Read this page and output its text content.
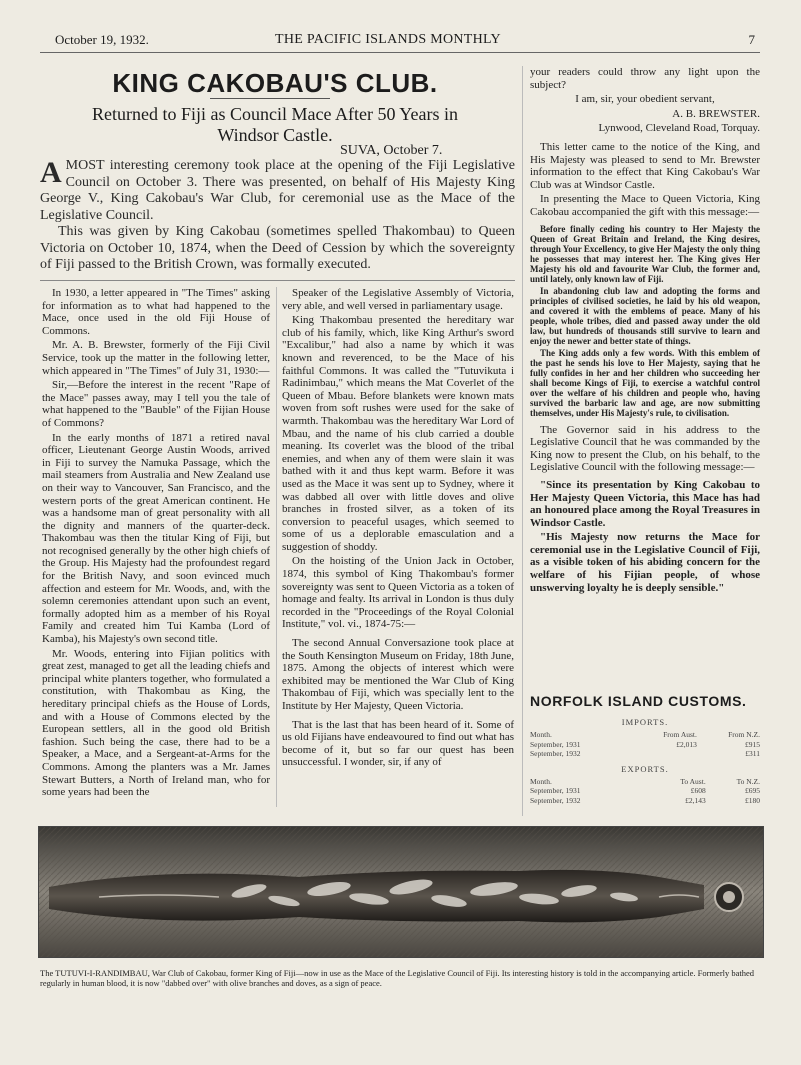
October 19, 1932.	THE PACIFIC ISLANDS MONTHLY	7
KING CAKOBAU'S CLUB.
Returned to Fiji as Council Mace After 50 Years in Windsor Castle.
SUVA, October 7.

AMOST interesting ceremony took place at the opening of the Fiji Legislative Council on October 3. There was presented, on behalf of His Majesty King George V., King Cakobau's War Club, for ceremonial use as the Mace of the Legislative Council.

This was given by King Cakobau (sometimes spelled Thakombau) to Queen Victoria on October 10, 1874, when the Deed of Cession by which the sovereignty of Fiji passed to the British Crown, was formally executed.

In 1930, a letter appeared in "The Times" asking for information as to what had happened to the Mace, once used in the old Fiji House of Commons.

Mr. A. B. Brewster, formerly of the Fiji Civil Service, took up the matter in the following letter, which appeared in "The Times" of July 31, 1930:—

Sir,—Before the interest in the recent "Rape of the Mace" passes away, may I tell you the tale of what happened to the "Bauble" of the Fijian House of Commons?

In the early months of 1871 a retired naval officer, Lieutenant George Austin Woods, arrived in Fiji to survey the Namuka Passage, which the mail steamers from Australia and New Zealand use on their way to Vancouver, San Francisco, and the western ports of the great American continent. He was a handsome man of great personality with all the dignity and manners of the quarter-deck. Thakombau was then the titular King of Fiji, but not recognised generally by the other high chiefs of the Group. His Majesty had the profoundest regard for the British Navy, and soon evinced much affection and esteem for Mr. Woods, and, with the solemn ceremonies attendant upon such an event, formally adopted him as a member of his Royal Family and created him Tui Kamba (Lord of Kamba), his Majesty's own second title.

Mr. Woods, entering into Fijian politics with great zest, managed to get all the leading chiefs and principal white planters together, who formulated a constitution, with Thakombau as King, the hereditary principal chiefs as the House of Lords, and with a House of Commons elected by the European settlers, all in the good old British fashion. Such being the case, there had to be a Speaker, a Mace, and a Sergeant-at-Arms for the Commons. Among the planters was a Mr. James Stewart Butters, a North of Ireland man, who for some years had been the

Speaker of the Legislative Assembly of Victoria, very able, and well versed in parliamentary usage.

King Thakombau presented the hereditary war club of his family, which, like King Arthur's sword "Excalibur," had also a name by which it was known and reverenced, to be the Mace of his faithful Commons. It was called the "Tutuvikuta i Radinimbau," which means the Mat Coverlet of the Queen of Mbau. Before blankets were known mats woven from soft rushes were used for the sake of warmth. Thakombau was the hereditary War Lord of Mbau, and the name of his club carried a double meaning. Its coverlet was the blood of the tribal enemies, and when any of them were slain it was bathed with it and thus kept warm. Before it was used as the Mace it was sent up to Sydney, where it was dabbed all over with little doves and olive branches in frosted silver, as a token of its conversion to peaceful usages, which seemed to some of us a deplorable emasculation and a suggestion of shoddy.

On the hoisting of the Union Jack in October, 1874, this symbol of King Thakombau's former sovereignty was sent to Queen Victoria as a token of homage and fealty. Its arrival in London is thus duly recorded in the "Proceedings of the Royal Colonial Institute," vol. vi., 1874-75:—

The second Annual Conversazione took place at the South Kensington Museum on Friday, 18th June, 1875. Among the objects of interest which were exhibited may be mentioned the War Club of King Thakombau of Fiji, which was specially lent to the Institute by Her Majesty, Queen Victoria.

That is the last that has been heard of it. Some of us old Fijians have endeavoured to find out what has become of it, but so far our quest has been unsuccessful. I wonder, sir, if any of

your readers could throw any light upon the subject?

I am, sir, your obedient servant,

A. B. BREWSTER.

Lynwood, Cleveland Road, Torquay.

This letter came to the notice of the King, and His Majesty was pleased to send to Mr. Brewster information to the effect that King Cakobau's War Club was at Windsor Castle.

In presenting the Mace to Queen Victoria, King Cakobau accompanied the gift with this message:—

Before finally ceding his country to Her Majesty the Queen of Great Britain and Ireland, the King desires, through Your Excellency, to give Her Majesty the only thing he possesses that may interest her. The King gives Her Majesty his old and favourite War Club, the former and, until lately, only known law of Fiji.

In abandoning club law and adopting the forms and principles of civilised societies, he laid by his old weapon, and covered it with the emblems of peace. Many of his people, whole tribes, died and passed away under the old law, but hundreds of thousands still survive to learn and enjoy the newer and better state of things.

The King adds only a few words. With this emblem of the past he sends his love to Her Majesty, saying that he fully confides in her and her children who succeeding her shall become Kings of Fiji, to exercise a watchful control over the welfare of his children and people who, having survived the barbaric law and age, are now submitting themselves, under His Majesty's rule, to civilisation.

The Governor said in his address to the Legislative Council that he was commanded by the King now to present the Club, on his behalf, to the Legislative Council with the following message:—

"Since its presentation by King Cakobau to Her Majesty Queen Victoria, this Mace has had an honoured place among the Royal Treasures in Windsor Castle.

"His Majesty now returns the Mace for ceremonial use in the Legislative Council of Fiji, as a visible token of his abiding concern for the welfare of his Fijian people, of whose unswerving loyalty he is deeply sensible."

NORFOLK ISLAND CUSTOMS.
IMPORTS.
Month.	From Aust.	From N.Z.
September, 1931	£2,013	£915
September, 1932		£311
EXPORTS.
Month.	To Aust.	To N.Z.
September, 1931	£608	£695
September, 1932	£2,143	£180
The TUTUVI-I-RANDIMBAU, War Club of Cakobau, former King of Fiji—now in use as the Mace of the Legislative Council of Fiji. Its interesting history is told in the accompanying article. Formerly bathed regularly in human blood, it is now "dabbed over" with olive branches and doves, as a sign of peace.
